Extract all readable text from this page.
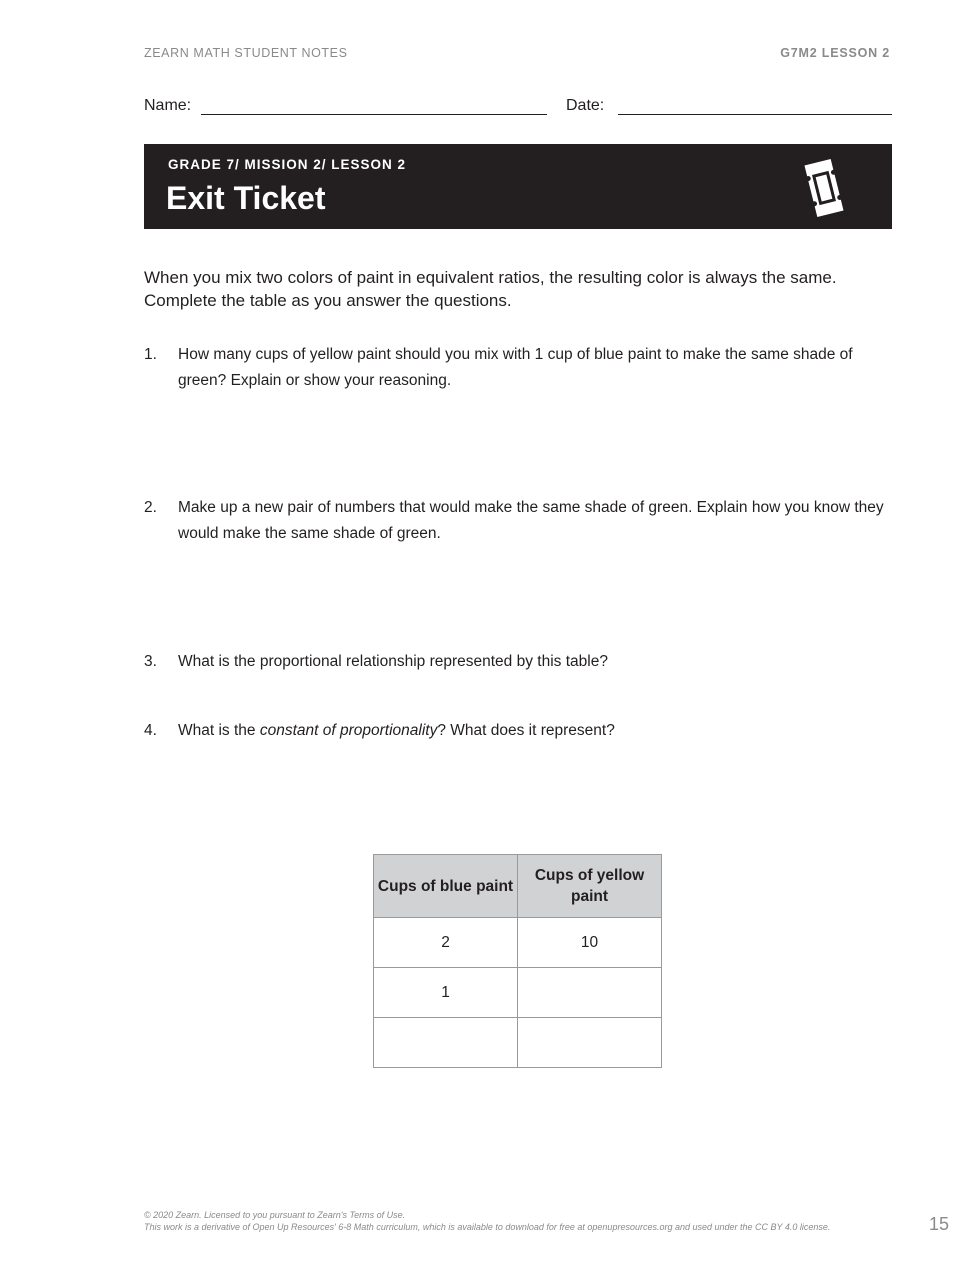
ZEARN MATH STUDENT NOTES	G7M2 LESSON 2
Name:	Date:
GRADE 7/ MISSION 2/ LESSON 2
Exit Ticket
When you mix two colors of paint in equivalent ratios, the resulting color is always the same.
Complete the table as you answer the questions.
1. How many cups of yellow paint should you mix with 1 cup of blue paint to make the same shade of green? Explain or show your reasoning.
2. Make up a new pair of numbers that would make the same shade of green. Explain how you know they would make the same shade of green.
3. What is the proportional relationship represented by this table?
4. What is the constant of proportionality? What does it represent?
Cups of blue paint	Cups of yellow paint
2	10
1	

© 2020 Zearn. Licensed to you pursuant to Zearn's Terms of Use.
This work is a derivative of Open Up Resources' 6-8 Math curriculum, which is available to download for free at openupresources.org and used under the CC BY 4.0 license.	15
